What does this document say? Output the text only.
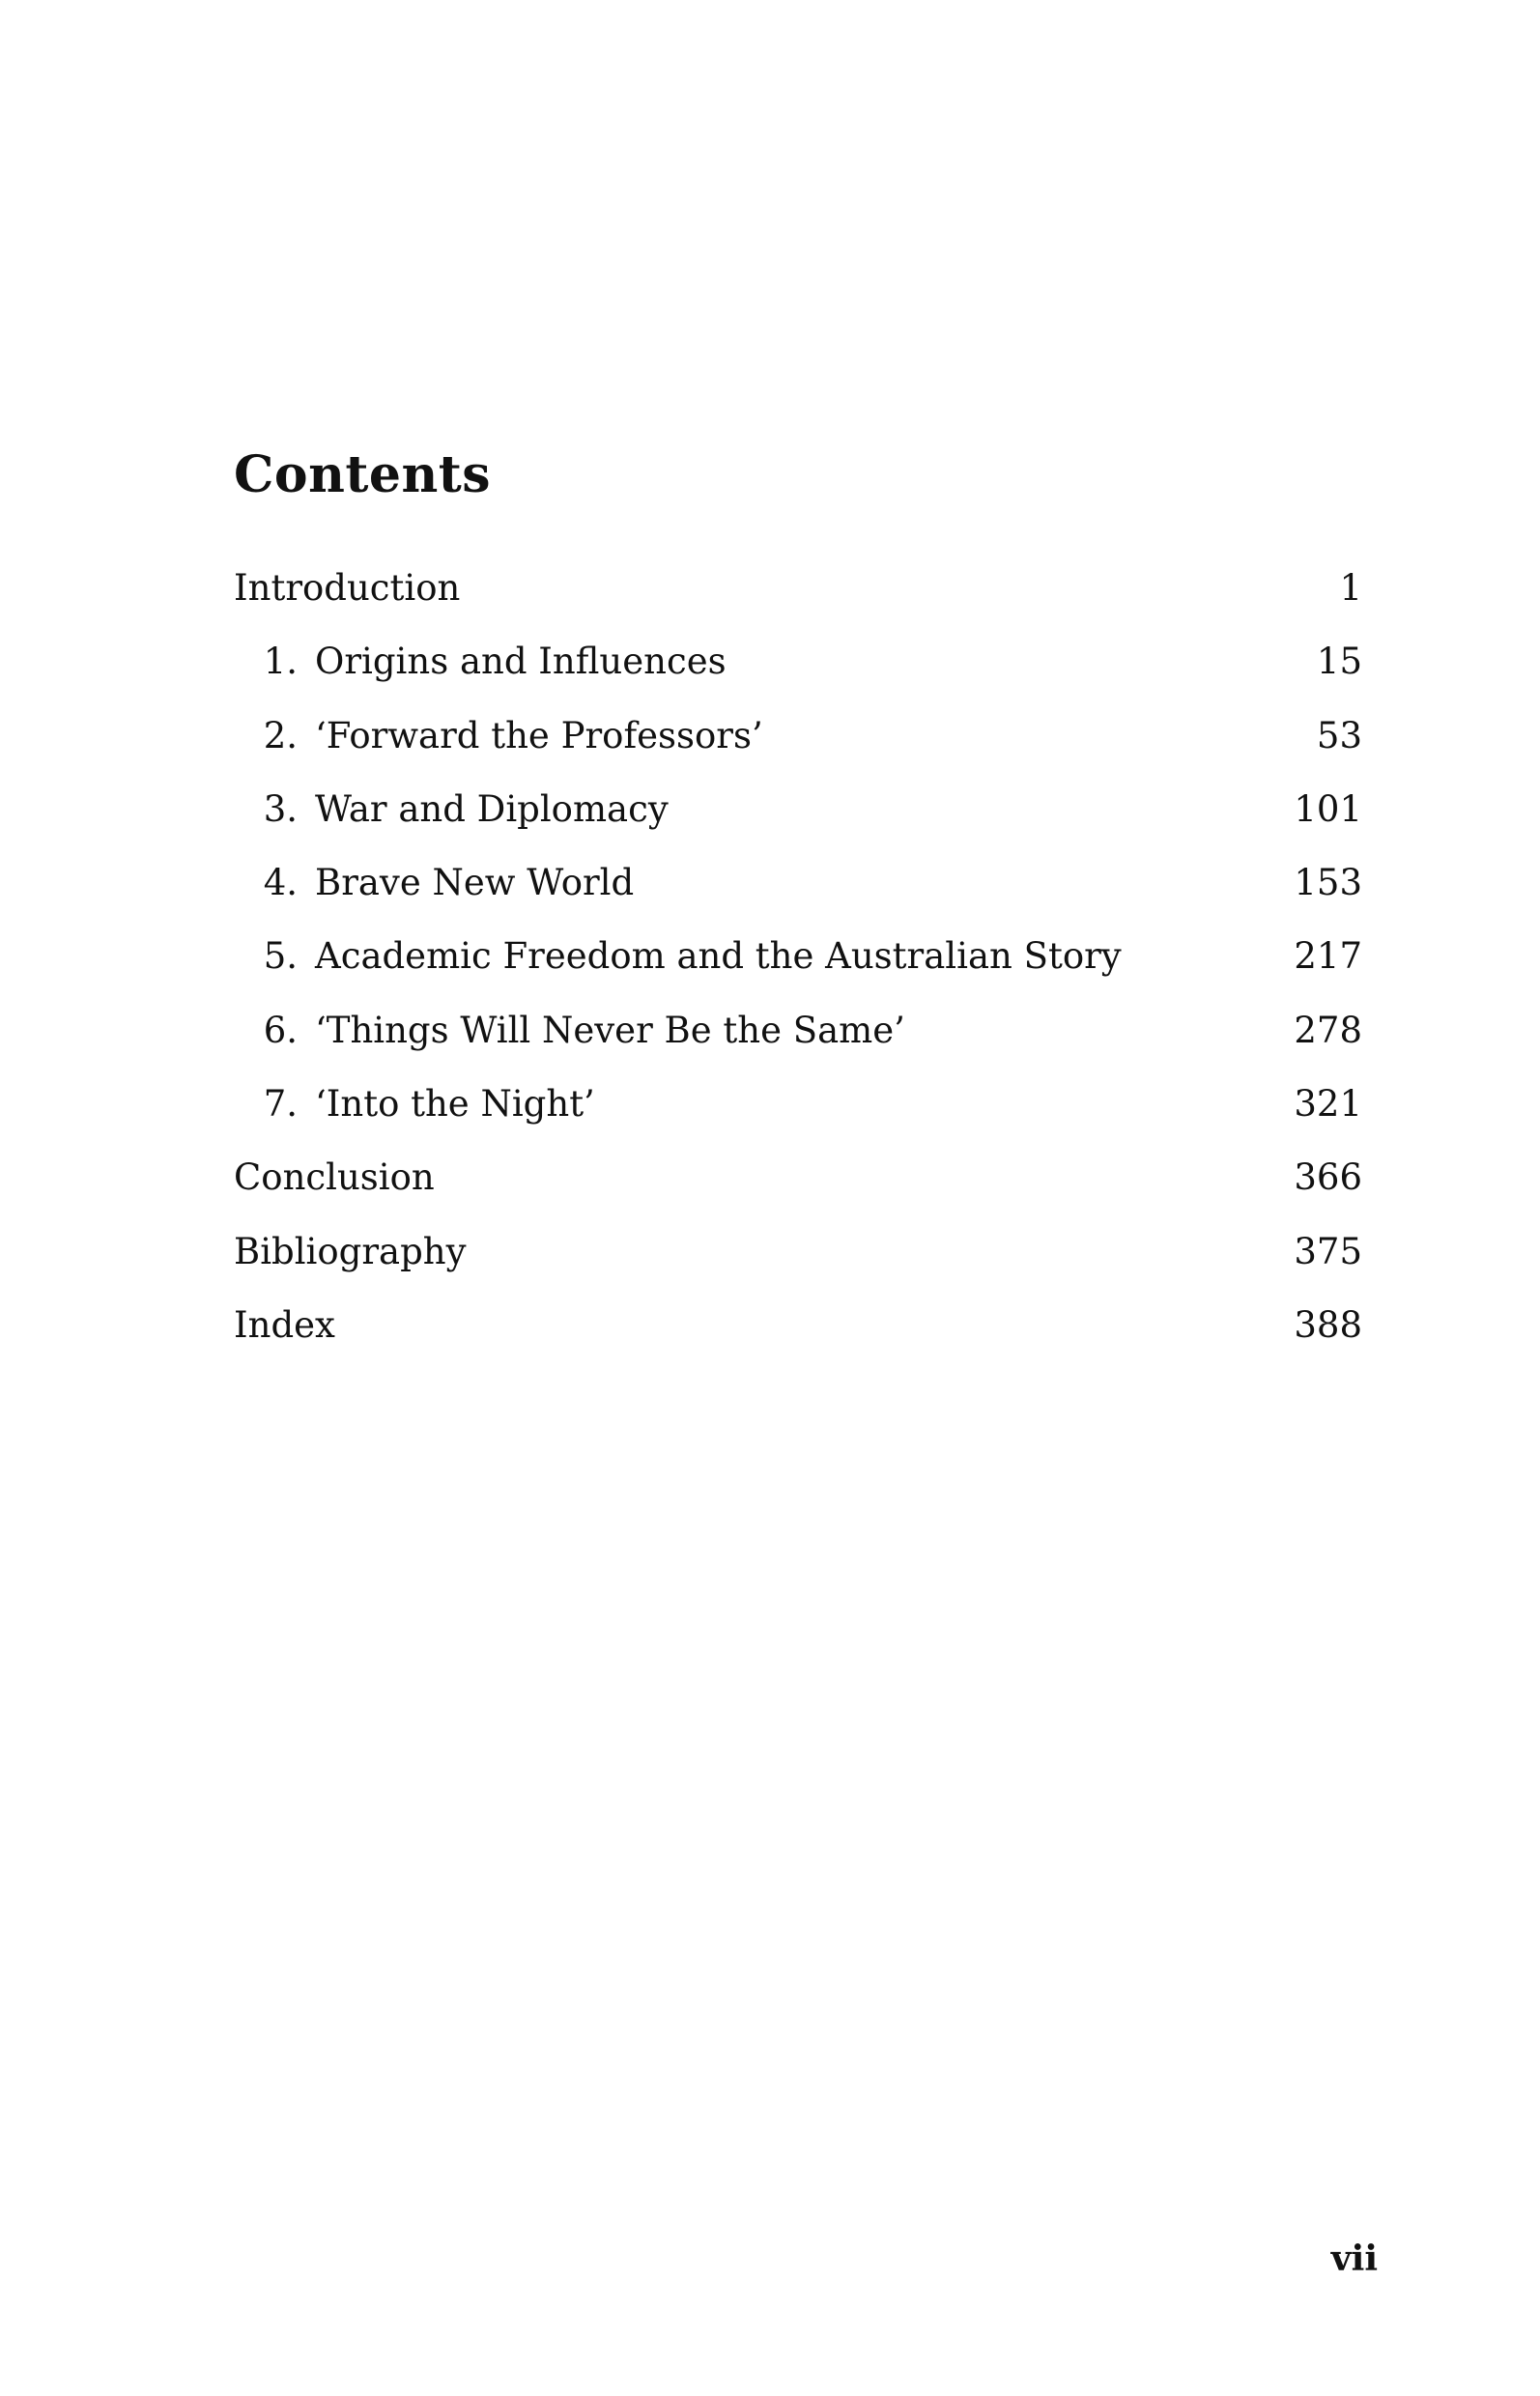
Contents
Introduction	1
1. Origins and Influences	15
2. ‘Forward the Professors’	53
3. War and Diplomacy	101
4. Brave New World	153
5. Academic Freedom and the Australian Story	217
6. ‘Things Will Never Be the Same’	278
7. ‘Into the Night’	321
Conclusion	366
Bibliography	375
Index	388
vii
